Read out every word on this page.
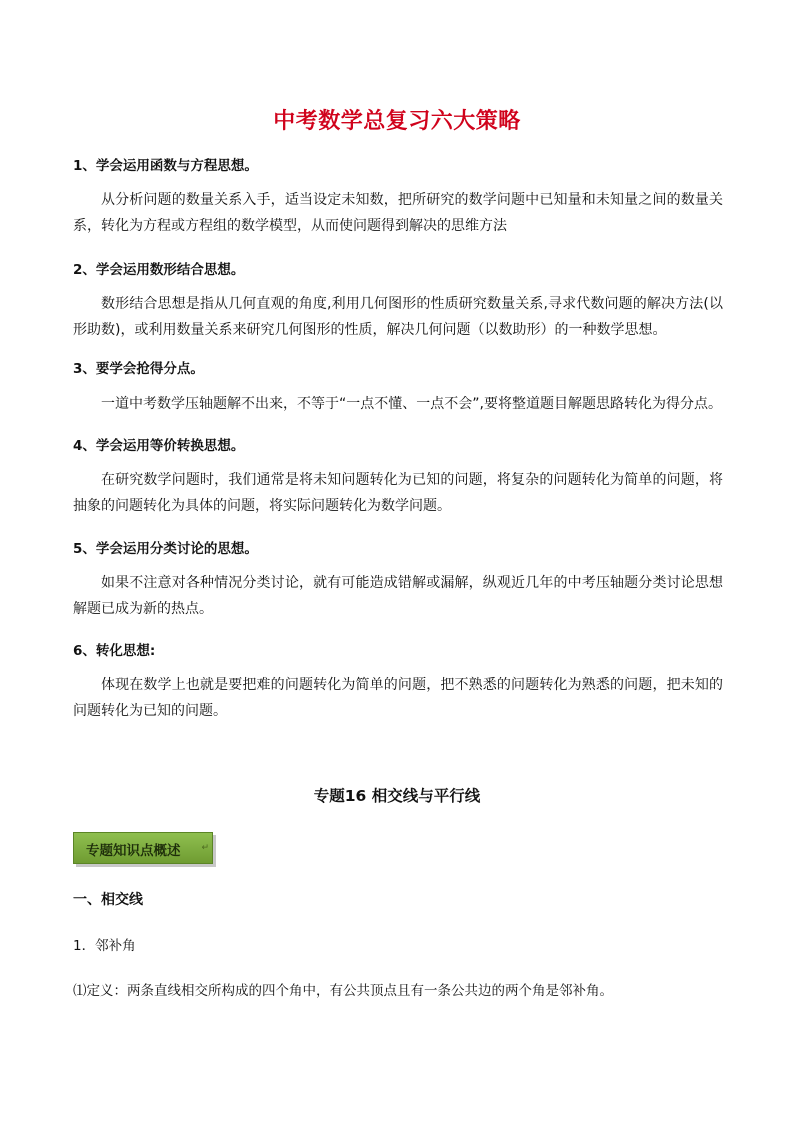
中考数学总复习六大策略
1、学会运用函数与方程思想。
从分析问题的数量关系入手，适当设定未知数，把所研究的数学问题中已知量和未知量之间的数量关系，转化为方程或方程组的数学模型，从而使问题得到解决的思维方法
2、学会运用数形结合思想。
数形结合思想是指从几何直观的角度,利用几何图形的性质研究数量关系,寻求代数问题的解决方法(以形助数)，或利用数量关系来研究几何图形的性质，解决几何问题（以数助形）的一种数学思想。
3、要学会抢得分点。
一道中考数学压轴题解不出来，不等于“一点不懂、一点不会”,要将整道题目解题思路转化为得分点。
4、学会运用等价转换思想。
在研究数学问题时，我们通常是将未知问题转化为已知的问题，将复杂的问题转化为简单的问题，将抽象的问题转化为具体的问题，将实际问题转化为数学问题。
5、学会运用分类讨论的思想。
如果不注意对各种情况分类讨论，就有可能造成错解或漏解，纵观近几年的中考压轴题分类讨论思想解题已成为新的热点。
6、转化思想:
体现在数学上也就是要把难的问题转化为简单的问题，把不熟悉的问题转化为熟悉的问题，把未知的问题转化为已知的问题。
专题16 相交线与平行线
专题知识点概述 ↵
一、相交线
1．邻补角
⑴定义：两条直线相交所构成的四个角中，有公共顶点且有一条公共边的两个角是邻补角。
